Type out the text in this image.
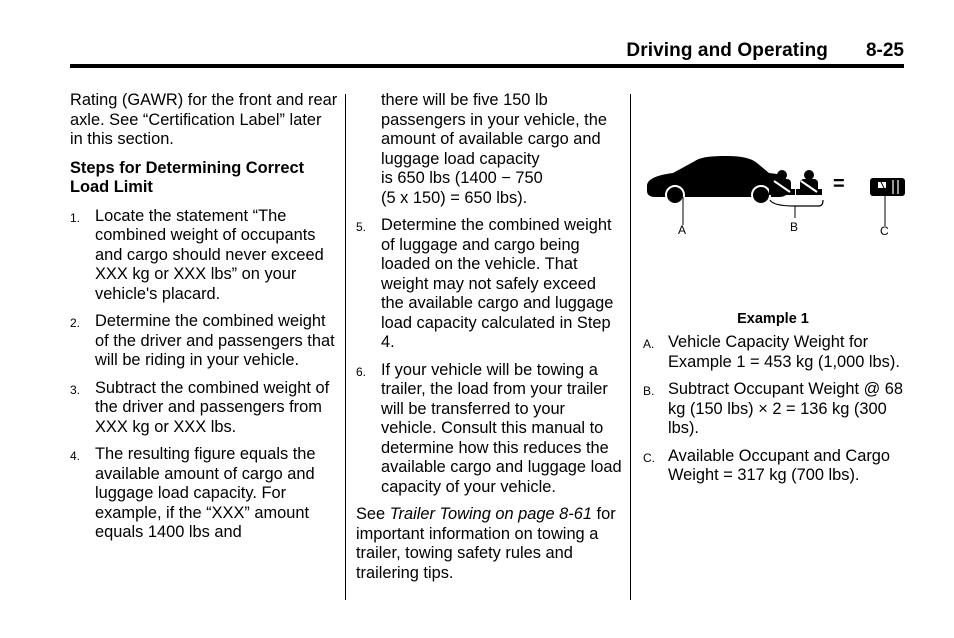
Driving and Operating 8-25

Rating (GAWR) for the front and rear axle. See “Certification Label” later in this section.

Steps for Determining Correct Load Limit

1. Locate the statement “The combined weight of occupants and cargo should never exceed XXX kg or XXX lbs” on your vehicle's placard.
2. Determine the combined weight of the driver and passengers that will be riding in your vehicle.
3. Subtract the combined weight of the driver and passengers from XXX kg or XXX lbs.
4. The resulting figure equals the available amount of cargo and luggage load capacity. For example, if the “XXX” amount equals 1400 lbs and
there will be five 150 lb passengers in your vehicle, the amount of available cargo and luggage load capacity
is 650 lbs (1400 − 750
(5 x 150) = 650 lbs).
5. Determine the combined weight of luggage and cargo being loaded on the vehicle. That weight may not safely exceed the available cargo and luggage load capacity calculated in Step 4.
6. If your vehicle will be towing a trailer, the load from your trailer will be transferred to your vehicle. Consult this manual to determine how this reduces the available cargo and luggage load capacity of your vehicle.

See Trailer Towing on page 8-61 for important information on towing a trailer, towing safety rules and trailering tips.

A
−
B
=
C
Example 1
A. Vehicle Capacity Weight for Example 1 = 453 kg (1,000 lbs).
B. Subtract Occupant Weight @ 68 kg (150 lbs) × 2 = 136 kg (300 lbs).
C. Available Occupant and Cargo Weight = 317 kg (700 lbs).
